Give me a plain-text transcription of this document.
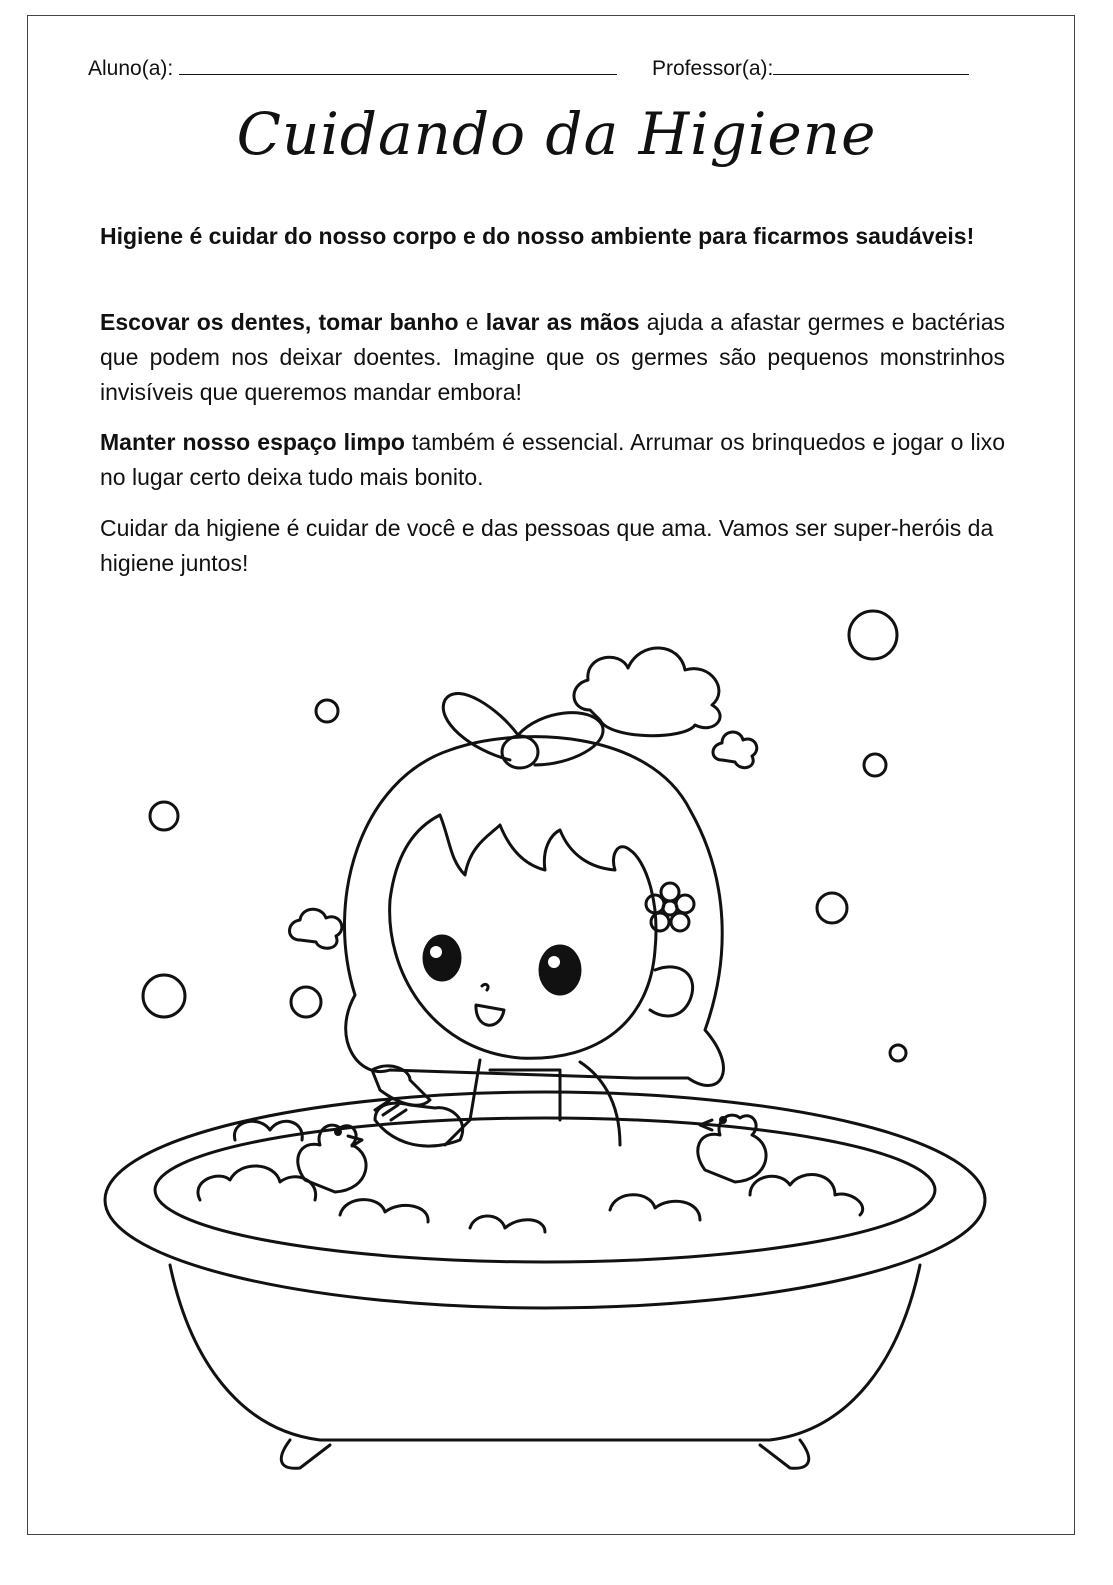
Aluno(a):	Professor(a):
Cuidando da Higiene

Higiene é cuidar do nosso corpo e do nosso ambiente para ficarmos saudáveis!

Escovar os dentes, tomar banho e lavar as mãos ajuda a afastar germes e bactérias que podem nos deixar doentes. Imagine que os germes são pequenos monstrinhos invisíveis que queremos mandar embora!

Manter nosso espaço limpo também é essencial. Arrumar os brinquedos e jogar o lixo no lugar certo deixa tudo mais bonito.

Cuidar da higiene é cuidar de você e das pessoas que ama. Vamos ser super-heróis da higiene juntos!
